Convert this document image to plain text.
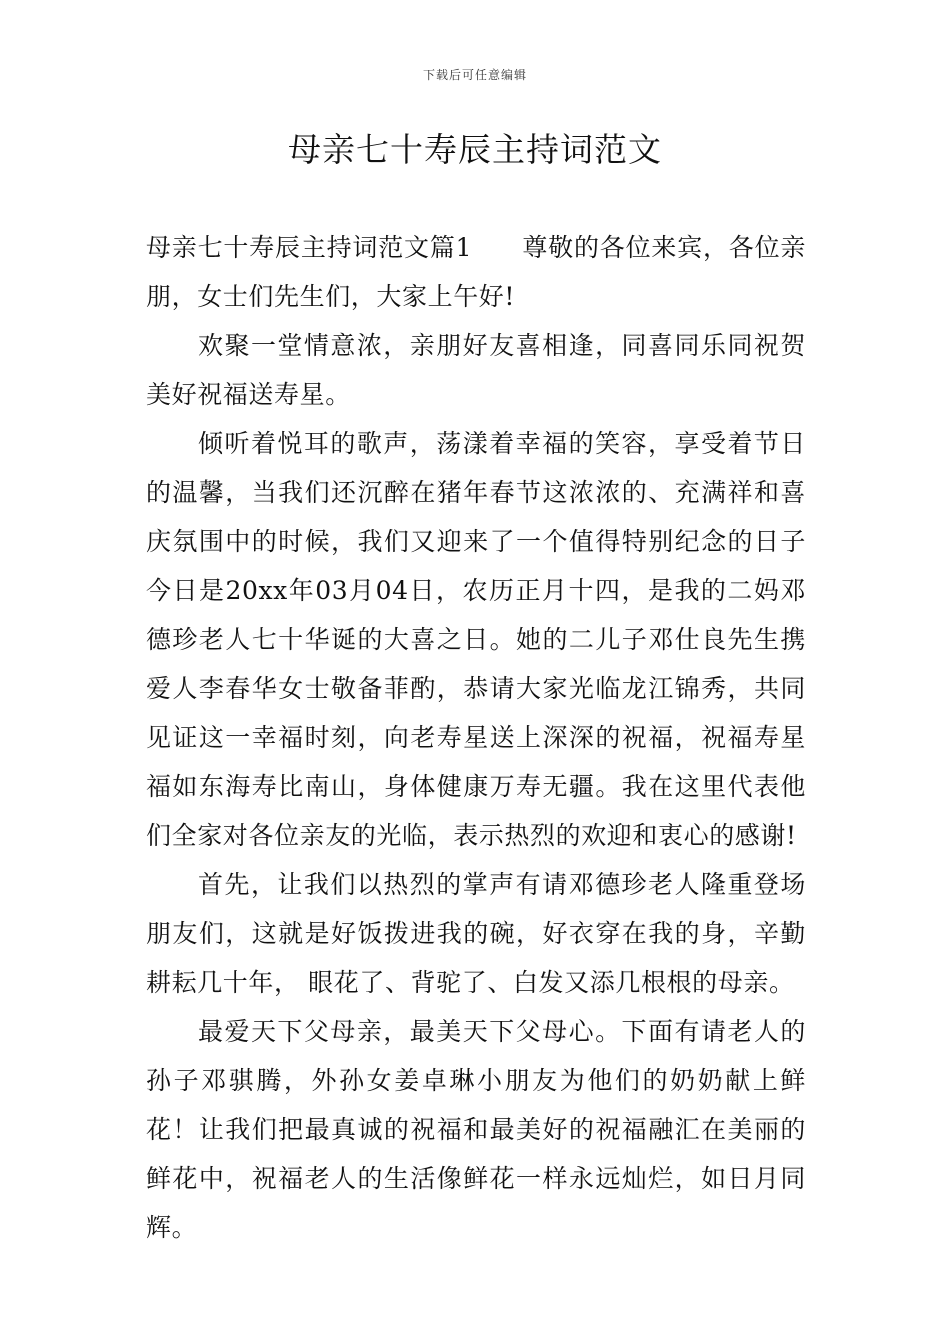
下载后可任意编辑
母亲七十寿辰主持词范文

母亲七十寿辰主持词范文篇1 尊敬的各位来宾，各位亲朋，女士们先生们，大家上午好!

欢聚一堂情意浓，亲朋好友喜相逢，同喜同乐同祝贺美好祝福送寿星。

倾听着悦耳的歌声，荡漾着幸福的笑容，享受着节日的温馨，当我们还沉醉在猪年春节这浓浓的、充满祥和喜庆氛围中的时候，我们又迎来了一个值得特别纪念的日子今日是20xx年03月04日，农历正月十四，是我的二妈邓德珍老人七十华诞的大喜之日。她的二儿子邓仕良先生携爱人李春华女士敬备菲酌，恭请大家光临龙江锦秀，共同见证这一幸福时刻，向老寿星送上深深的祝福，祝福寿星福如东海寿比南山，身体健康万寿无疆。我在这里代表他们全家对各位亲友的光临，表示热烈的欢迎和衷心的感谢!

首先，让我们以热烈的掌声有请邓德珍老人隆重登场朋友们，这就是好饭拨进我的碗，好衣穿在我的身，辛勤耕耘几十年， 眼花了、背驼了、白发又添几根根的母亲。

最爱天下父母亲，最美天下父母心。下面有请老人的孙子邓骐腾，外孙女姜卓琳小朋友为他们的奶奶献上鲜花！让我们把最真诚的祝福和最美好的祝福融汇在美丽的鲜花中，祝福老人的生活像鲜花一样永远灿烂，如日月同辉。
